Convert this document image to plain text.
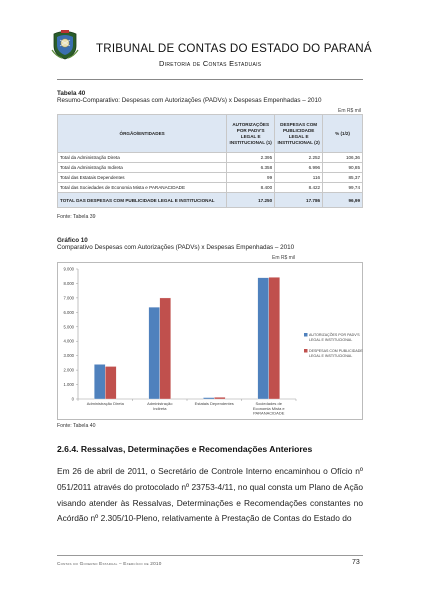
TRIBUNAL DE CONTAS DO ESTADO DO PARANÁ
Diretoria de Contas Estaduais
Tabela 40
Resumo-Comparativo: Despesas com Autorizações (PADVs) x Despesas Empenhadas – 2010
Em R$ mil
ÓRGÃO/ENTIDADES	AUTORIZAÇÕES POR PADV'S LEGAL E INSTITUCIONAL (1)	DESPESAS COM PUBLICIDADE LEGAL E INSTITUCIONAL (2)	% (1/2)
Total da Administração Direta	2.395	2.252	106,36
Total da Administração Indireta	6.358	6.996	90,85
Total das Estatais Dependentes	99	116	85,37
Total das Sociedades de Economia Mista e PARANACIDADE	8.400	8.422	99,74
TOTAL DAS DESPESAS COM PUBLICIDADE LEGAL E INSTITUCIONAL	17.250	17.786	96,99
Fonte: Tabela 39
Gráfico 10
Comparativo Despesas com Autorizações (PADVs) x Despesas Empenhadas – 2010
Em R$ mil
0
1.000
2.000
3.000
4.000
5.000
6.000
7.000
8.000
9.000
Administração Direta	Administração
Indireta
Estatais Dependentes	Sociedades de
Economia Mista e
PARANACIDADE
AUTORIZAÇÕES POR PADV'S
LEGAL E INSTITUCIONAL
DESPESAS COM PUBLICIDADE
LEGAL E INSTITUCIONAL
Fonte: Tabela 40
2.6.4. Ressalvas, Determinações e Recomendações Anteriores
Em 26 de abril de 2011, o Secretário de Controle Interno encaminhou o Ofício nº 051/2011 através do protocolado nº 23753-4/11, no qual consta um Plano de Ação visando atender às Ressalvas, Determinações e Recomendações constantes no Acórdão nº 2.305/10-Pleno, relativamente à Prestação de Contas do Estado do
Contas do Governo Estadual – Exercício de 2010	73
